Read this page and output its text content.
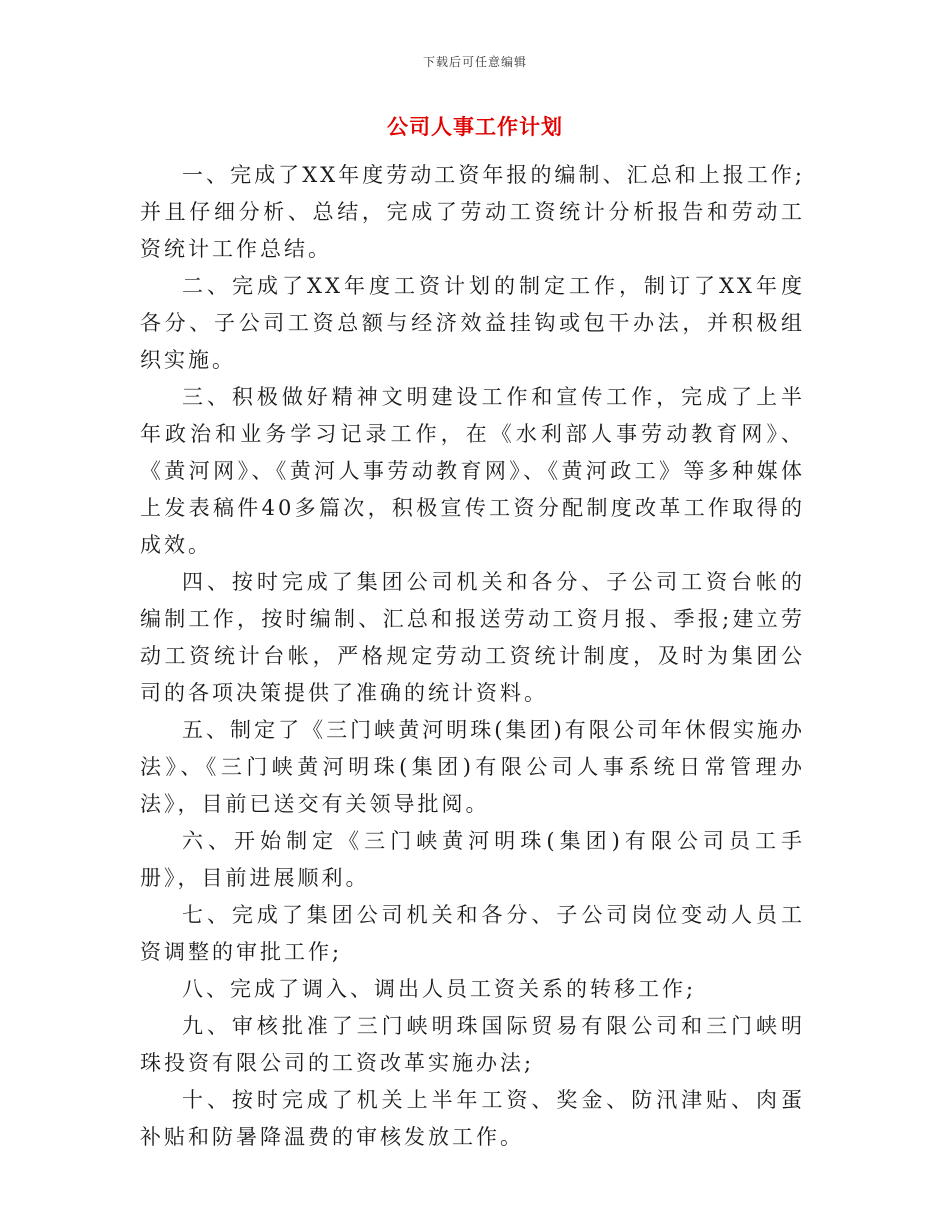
下载后可任意编辑
公司人事工作计划

一、完成了XX年度劳动工资年报的编制、汇总和上报工作;并且仔细分析、总结，完成了劳动工资统计分析报告和劳动工资统计工作总结。

二、完成了XX年度工资计划的制定工作，制订了XX年度各分、子公司工资总额与经济效益挂钩或包干办法，并积极组织实施。

三、积极做好精神文明建设工作和宣传工作，完成了上半年政治和业务学习记录工作，在《水利部人事劳动教育网》、《黄河网》、《黄河人事劳动教育网》、《黄河政工》等多种媒体上发表稿件40多篇次，积极宣传工资分配制度改革工作取得的成效。

四、按时完成了集团公司机关和各分、子公司工资台帐的编制工作，按时编制、汇总和报送劳动工资月报、季报;建立劳动工资统计台帐，严格规定劳动工资统计制度，及时为集团公司的各项决策提供了准确的统计资料。

五、制定了《三门峡黄河明珠(集团)有限公司年休假实施办法》、《三门峡黄河明珠(集团)有限公司人事系统日常管理办法》，目前已送交有关领导批阅。

六、开始制定《三门峡黄河明珠(集团)有限公司员工手册》，目前进展顺利。

七、完成了集团公司机关和各分、子公司岗位变动人员工资调整的审批工作;

八、完成了调入、调出人员工资关系的转移工作;

九、审核批准了三门峡明珠国际贸易有限公司和三门峡明珠投资有限公司的工资改革实施办法;

十、按时完成了机关上半年工资、奖金、防汛津贴、肉蛋补贴和防暑降温费的审核发放工作。
